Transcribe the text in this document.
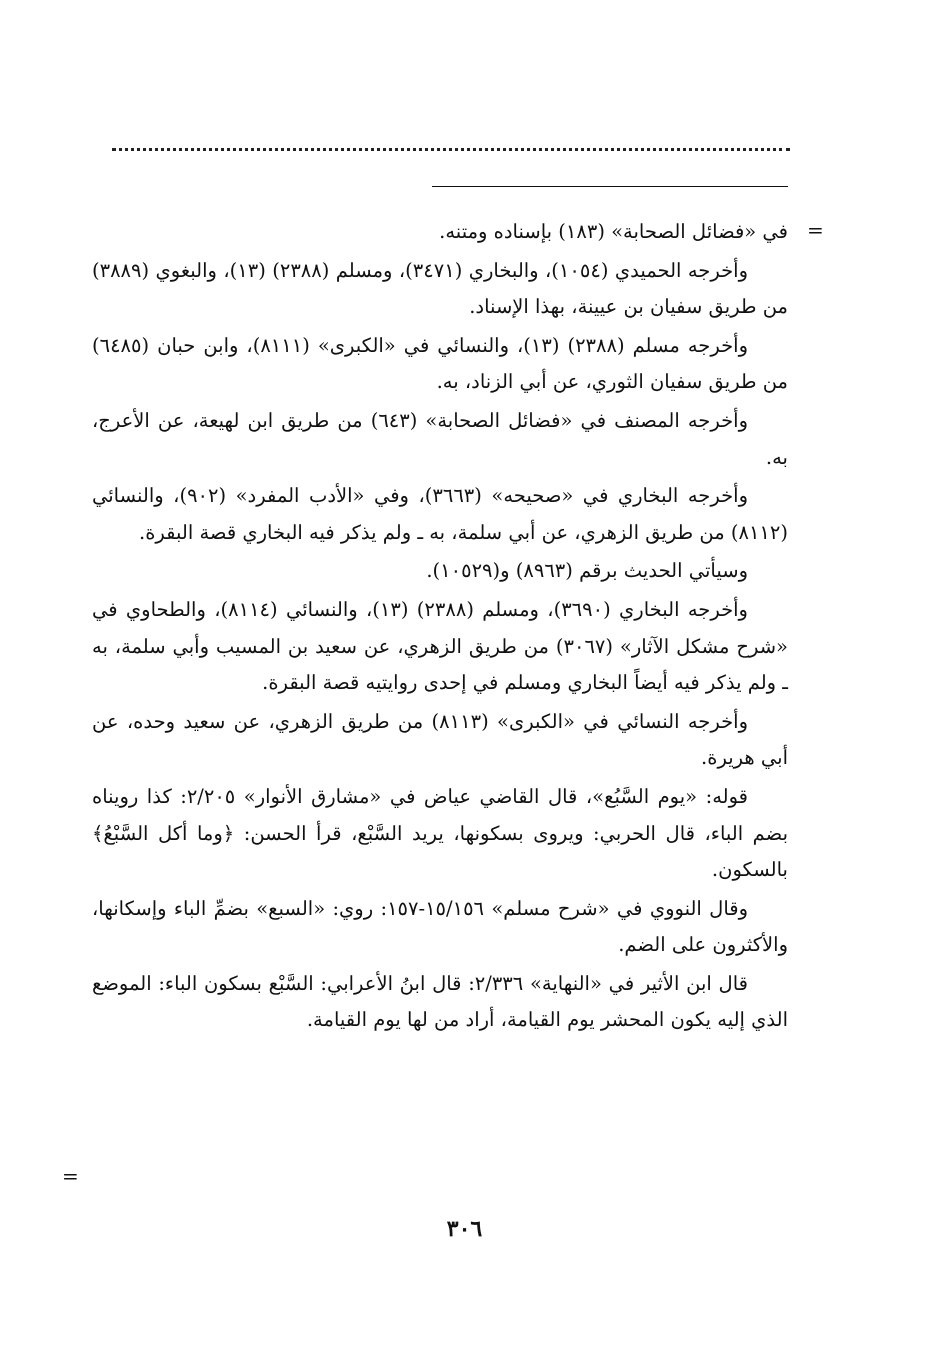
=

في «فضائل الصحابة» (١٨٣) بإسناده ومتنه.

وأخرجه الحميدي (١٠٥٤)، والبخاري (٣٤٧١)، ومسلم (٢٣٨٨) (١٣)، والبغوي (٣٨٨٩) من طريق سفيان بن عيينة، بهذا الإسناد.

وأخرجه مسلم (٢٣٨٨) (١٣)، والنسائي في «الكبرى» (٨١١١)، وابن حبان (٦٤٨٥) من طريق سفيان الثوري، عن أبي الزناد، به.

وأخرجه المصنف في «فضائل الصحابة» (٦٤٣) من طريق ابن لهيعة، عن الأعرج، به.

وأخرجه البخاري في «صحيحه» (٣٦٦٣)، وفي «الأدب المفرد» (٩٠٢)، والنسائي (٨١١٢) من طريق الزهري، عن أبي سلمة، به ـ ولم يذكر فيه البخاري قصة البقرة.

وسيأتي الحديث برقم (٨٩٦٣) و(١٠٥٢٩).

وأخرجه البخاري (٣٦٩٠)، ومسلم (٢٣٨٨) (١٣)، والنسائي (٨١١٤)، والطحاوي في «شرح مشكل الآثار» (٣٠٦٧) من طريق الزهري، عن سعيد بن المسيب وأبي سلمة، به ـ ولم يذكر فيه أيضاً البخاري ومسلم في إحدى روايتيه قصة البقرة.

وأخرجه النسائي في «الكبرى» (٨١١٣) من طريق الزهري، عن سعيد وحده، عن أبي هريرة.

قوله: «يوم السَّبُع»، قال القاضي عياض في «مشارق الأنوار» ٢/٢٠٥: كذا رويناه بضم الباء، قال الحربي: ويروى بسكونها، يريد السَّبْع، قرأ الحسن: ﴿وما أكل السَّبْعُ﴾ بالسكون.

وقال النووي في «شرح مسلم» ١٥/١٥٦-١٥٧: روي: «السبع» بضمِّ الباء وإسكانها، والأكثرون على الضم.

قال ابن الأثير في «النهاية» ٢/٣٣٦: قال ابنُ الأعرابي: السَّبْع بسكون الباء: الموضع الذي إليه يكون المحشر يوم القيامة، أراد من لها يوم القيامة.

=
٣٠٦
